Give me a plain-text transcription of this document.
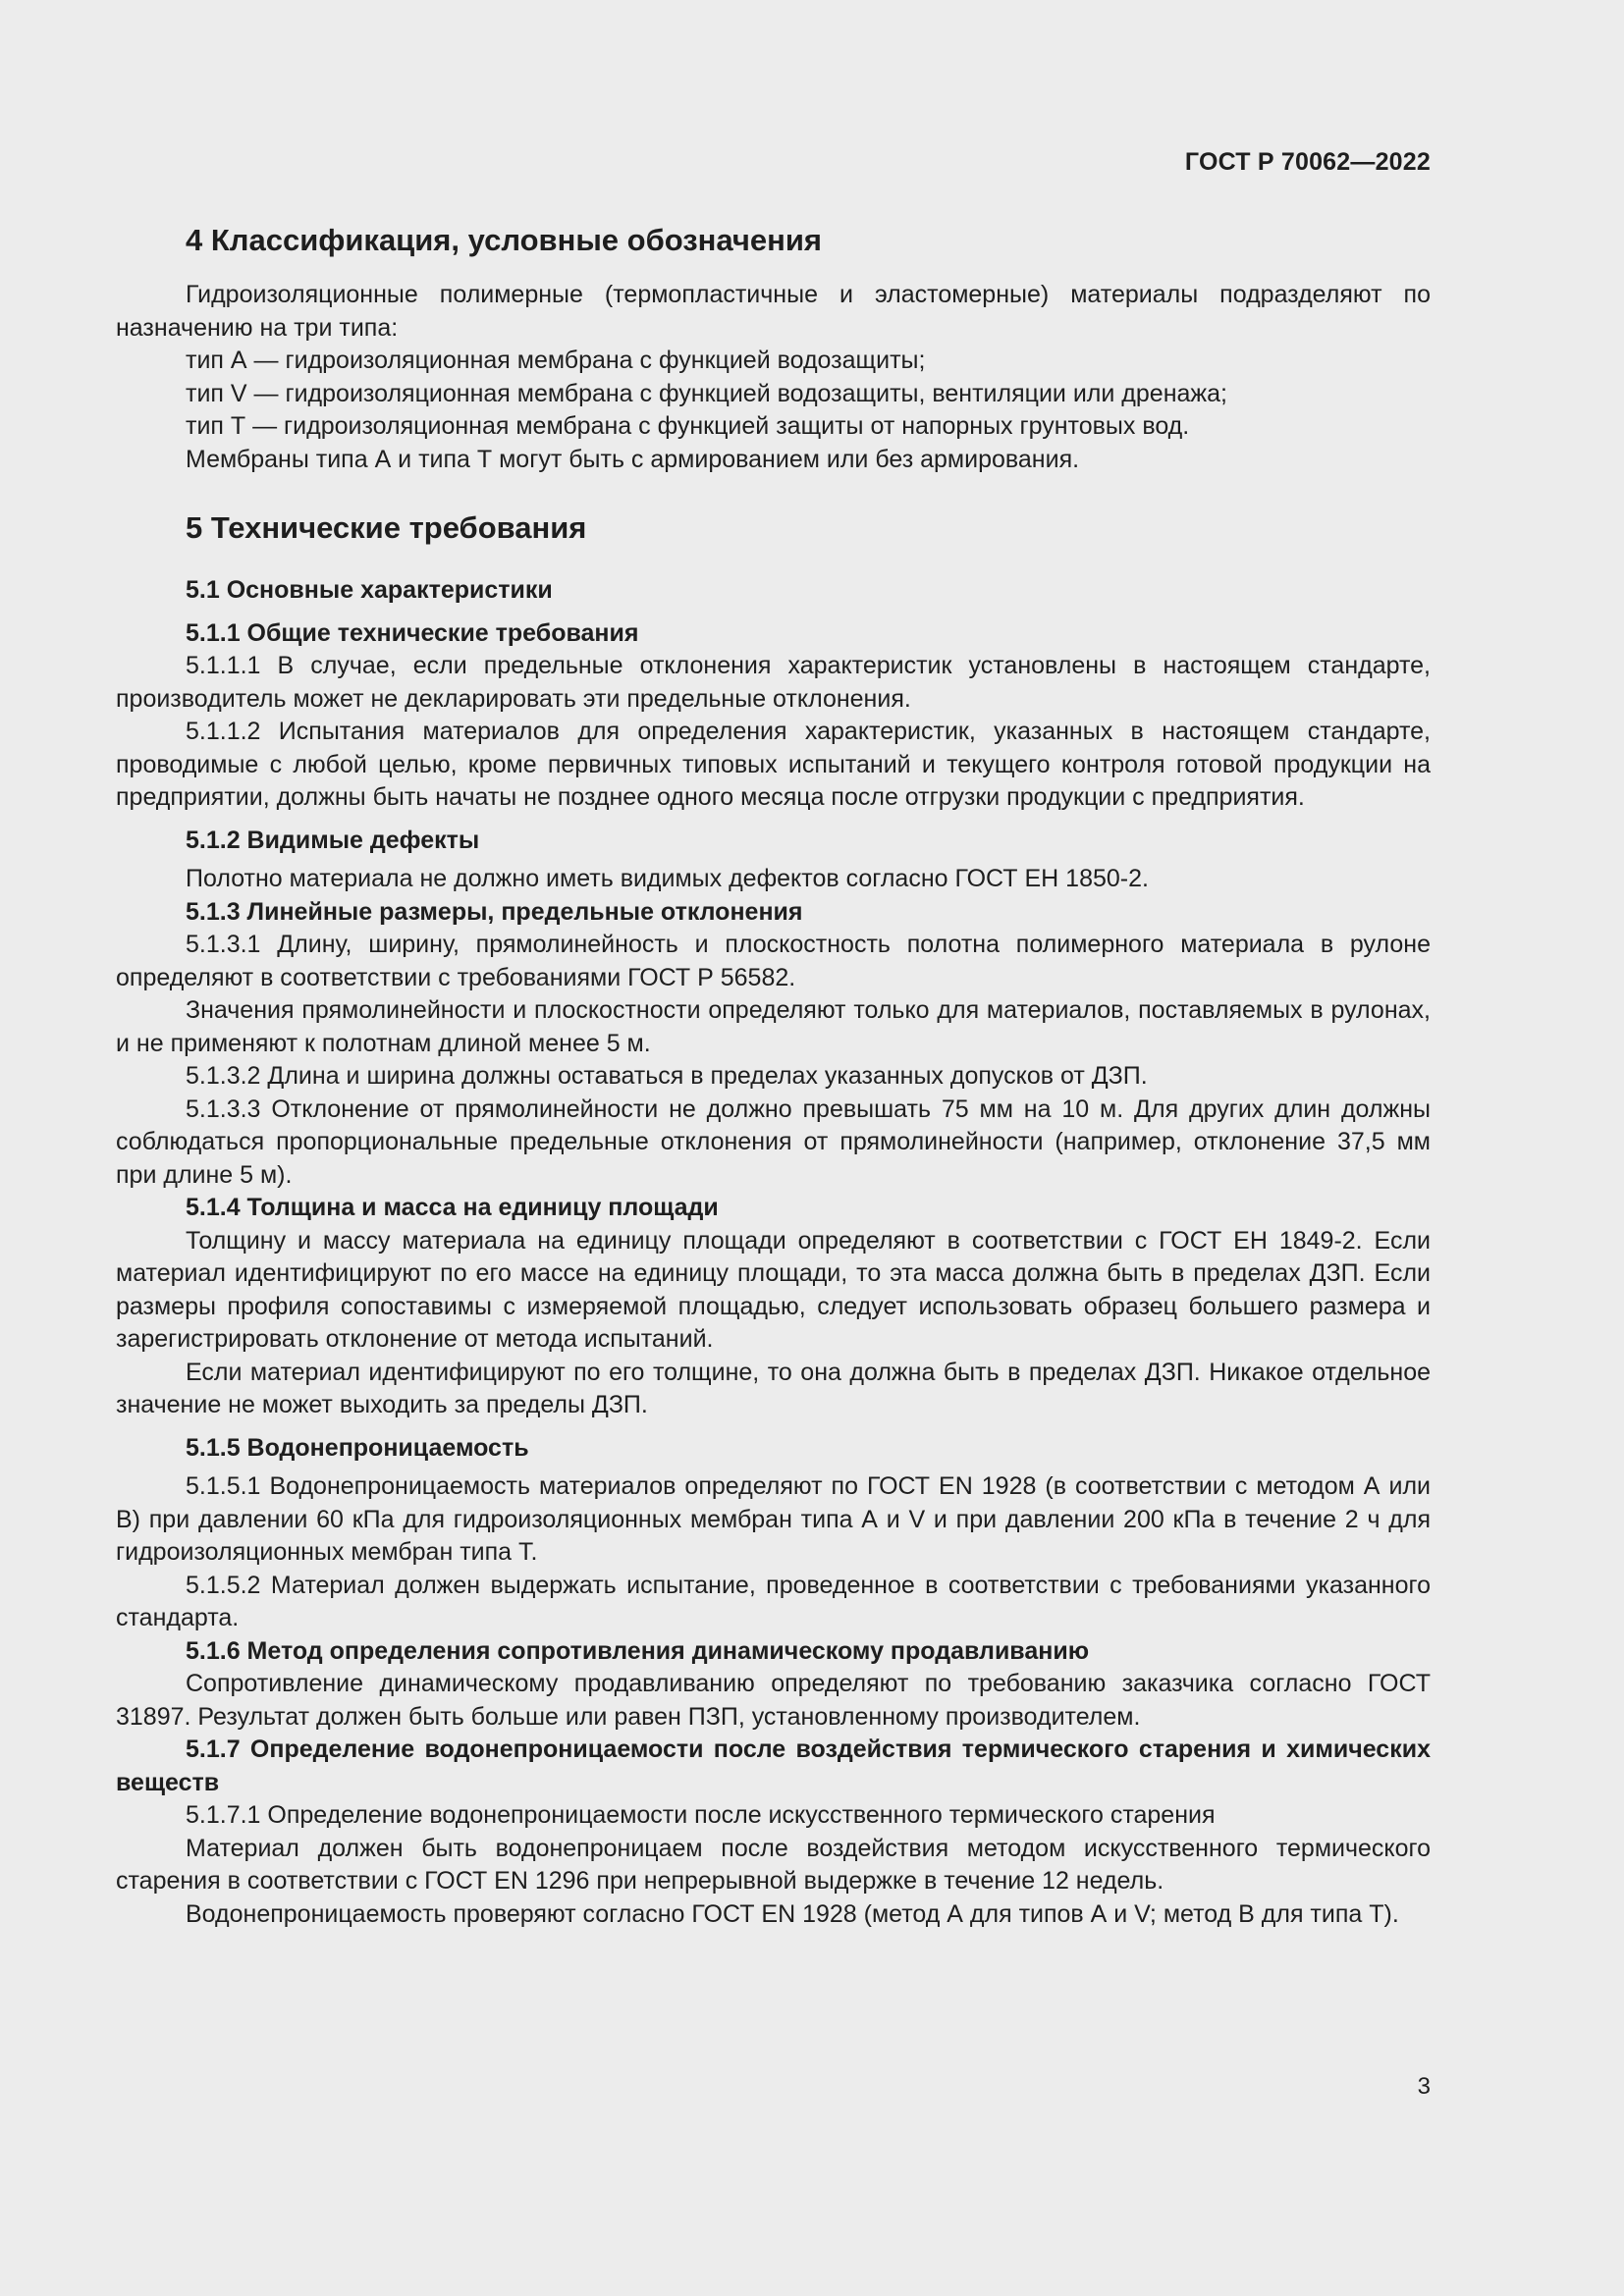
ГОСТ Р 70062—2022
4 Классификация, условные обозначения

Гидроизоляционные полимерные (термопластичные и эластомерные) материалы подразделяют по назначению на три типа:

тип А — гидроизоляционная мембрана с функцией водозащиты;

тип V — гидроизоляционная мембрана с функцией водозащиты, вентиляции или дренажа;

тип Т — гидроизоляционная мембрана с функцией защиты от напорных грунтовых вод.

Мембраны типа А и типа Т могут быть с армированием или без армирования.

5 Технические требования
5.1 Основные характеристики
5.1.1 Общие технические требования

5.1.1.1 В случае, если предельные отклонения характеристик установлены в настоящем стандарте, производитель может не декларировать эти предельные отклонения.

5.1.1.2 Испытания материалов для определения характеристик, указанных в настоящем стандарте, проводимые с любой целью, кроме первичных типовых испытаний и текущего контроля готовой продукции на предприятии, должны быть начаты не позднее одного месяца после отгрузки продукции с предприятия.

5.1.2 Видимые дефекты

Полотно материала не должно иметь видимых дефектов согласно ГОСТ ЕН 1850-2.

5.1.3 Линейные размеры, предельные отклонения

5.1.3.1 Длину, ширину, прямолинейность и плоскостность полотна полимерного материала в рулоне определяют в соответствии с требованиями ГОСТ Р 56582.

Значения прямолинейности и плоскостности определяют только для материалов, поставляемых в рулонах, и не применяют к полотнам длиной менее 5 м.

5.1.3.2 Длина и ширина должны оставаться в пределах указанных допусков от ДЗП.

5.1.3.3 Отклонение от прямолинейности не должно превышать 75 мм на 10 м. Для других длин должны соблюдаться пропорциональные предельные отклонения от прямолинейности (например, отклонение 37,5 мм при длине 5 м).

5.1.4 Толщина и масса на единицу площади

Толщину и массу материала на единицу площади определяют в соответствии с ГОСТ ЕН 1849-2. Если материал идентифицируют по его массе на единицу площади, то эта масса должна быть в пределах ДЗП. Если размеры профиля сопоставимы с измеряемой площадью, следует использовать образец большего размера и зарегистрировать отклонение от метода испытаний.

Если материал идентифицируют по его толщине, то она должна быть в пределах ДЗП. Никакое отдельное значение не может выходить за пределы ДЗП.

5.1.5 Водонепроницаемость

5.1.5.1 Водонепроницаемость материалов определяют по ГОСТ EN 1928 (в соответствии с методом А или В) при давлении 60 кПа для гидроизоляционных мембран типа А и V и при давлении 200 кПа в течение 2 ч для гидроизоляционных мембран типа Т.

5.1.5.2 Материал должен выдержать испытание, проведенное в соответствии с требованиями указанного стандарта.

5.1.6 Метод определения сопротивления динамическому продавливанию

Сопротивление динамическому продавливанию определяют по требованию заказчика согласно ГОСТ 31897. Результат должен быть больше или равен ПЗП, установленному производителем.

5.1.7 Определение водонепроницаемости после воздействия термического старения и химических веществ

5.1.7.1 Определение водонепроницаемости после искусственного термического старения

Материал должен быть водонепроницаем после воздействия методом искусственного термического старения в соответствии с ГОСТ EN 1296 при непрерывной выдержке в течение 12 недель.

Водонепроницаемость проверяют согласно ГОСТ EN 1928 (метод А для типов А и V; метод В для типа Т).

3
